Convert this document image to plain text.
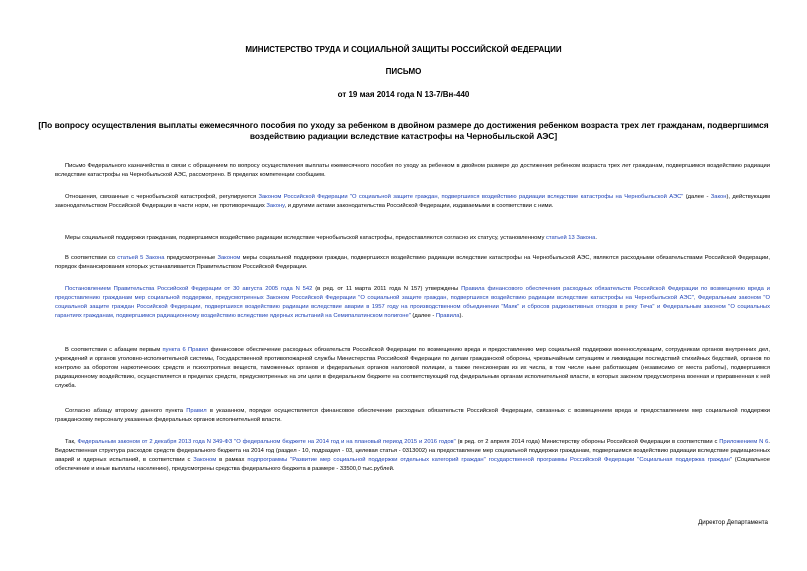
МИНИСТЕРСТВО ТРУДА И СОЦИАЛЬНОЙ ЗАЩИТЫ РОССИЙСКОЙ ФЕДЕРАЦИИ
ПИСЬМО
от 19 мая 2014 года N 13-7/Вн-440
[По вопросу осуществления выплаты ежемесячного пособия по уходу за ребенком в двойном размере до достижения ребенком возраста трех лет гражданам, подвергшимся воздействию радиации вследствие катастрофы на Чернобыльской АЭС]
Письмо Федерального казначейства в связи с обращением по вопросу осуществления выплаты ежемесячного пособия по уходу за ребенком в двойном размере до достижения ребенком возраста трех лет гражданам, подвергшимся воздействию радиации вследствие катастрофы на Чернобыльской АЭС, рассмотрено. В пределах компетенции сообщаем.
Отношения, связанные с чернобыльской катастрофой, регулируются Законом Российской Федерации "О социальной защите граждан, подвергшихся воздействию радиации вследствие катастрофы на Чернобыльской АЭС" (далее - Закон), действующим законодательством Российской Федерации в части норм, не противоречащих Закону, и другими актами законодательства Российской Федерации, издаваемыми в соответствии с ними.
Меры социальной поддержки гражданам, подвергшимся воздействию радиации вследствие чернобыльской катастрофы, предоставляются согласно их статусу, установленному статьей 13 Закона.
В соответствии со статьей 5 Закона предусмотренные Законом меры социальной поддержки граждан, подвергшихся воздействию радиации вследствие катастрофы на Чернобыльской АЭС, являются расходными обязательствами Российской Федерации, порядок финансирования которых устанавливается Правительством Российской Федерации.
Постановлением Правительства Российской Федерации от 30 августа 2005 года N 542 (в ред. от 11 марта 2011 года N 157) утверждены Правила финансового обеспечения расходных обязательств Российской Федерации по возмещению вреда и предоставлению гражданам мер социальной поддержки, предусмотренных Законом Российской Федерации "О социальной защите граждан, подвергшихся воздействию радиации вследствие катастрофы на Чернобыльской АЭС", Федеральным законом "О социальной защите граждан Российской Федерации, подвергшихся воздействию радиации вследствие аварии в 1957 году на производственном объединении "Маяк" и сбросов радиоактивных отходов в реку Теча" и Федеральным законом "О социальных гарантиях гражданам, подвергшимся радиационному воздействию вследствие ядерных испытаний на Семипалатинском полигоне" (далее - Правила).
В соответствии с абзацем первым пункта 6 Правил финансовое обеспечение расходных обязательств Российской Федерации по возмещению вреда и предоставлению мер социальной поддержки военнослужащим, сотрудникам органов внутренних дел, учреждений и органов уголовно-исполнительной системы, Государственной противопожарной службы Министерства Российской Федерации по делам гражданской обороны, чрезвычайным ситуациям и ликвидации последствий стихийных бедствий, органов по контролю за оборотом наркотических средств и психотропных веществ, таможенных органов и федеральных органов налоговой полиции, а также пенсионерам из их числа, в том числе ныне работающим (независимо от места работы), подвергшимся радиационному воздействию, осуществляется в пределах средств, предусмотренных на эти цели в федеральном бюджете на соответствующий год федеральным органам исполнительной власти, в которых законом предусмотрена военная и приравненная к ней служба.
Согласно абзацу второму данного пункта Правил в указанном, порядке осуществляется финансовое обеспечение расходных обязательств Российской Федерации, связанных с возмещением вреда и предоставлением мер социальной поддержки гражданскому персоналу указанных федеральных органов исполнительной власти.
Так, Федеральным законом от 2 декабря 2013 года N 349-ФЗ "О федеральном бюджете на 2014 год и на плановый период 2015 и 2016 годов" (в ред. от 2 апреля 2014 года) Министерству обороны Российской Федерации в соответствии с Приложением N 6. Ведомственная структура расходов средств федерального бюджета на 2014 год (раздел - 10, подраздел - 03, целевая статья - 0313002) на предоставление мер социальной поддержки гражданам, подвергшимся воздействию радиации вследствие радиационных аварий и ядерных испытаний, в соответствии с Законом в рамках подпрограммы "Развитие мер социальной поддержки отдельных категорий граждан" государственной программы Российской Федерации "Социальная поддержка граждан" (Социальное обеспечение и иные выплаты населению), предусмотрены средства федерального бюджета в размере - 33500,0 тыс.рублей.
Директор Департамента
